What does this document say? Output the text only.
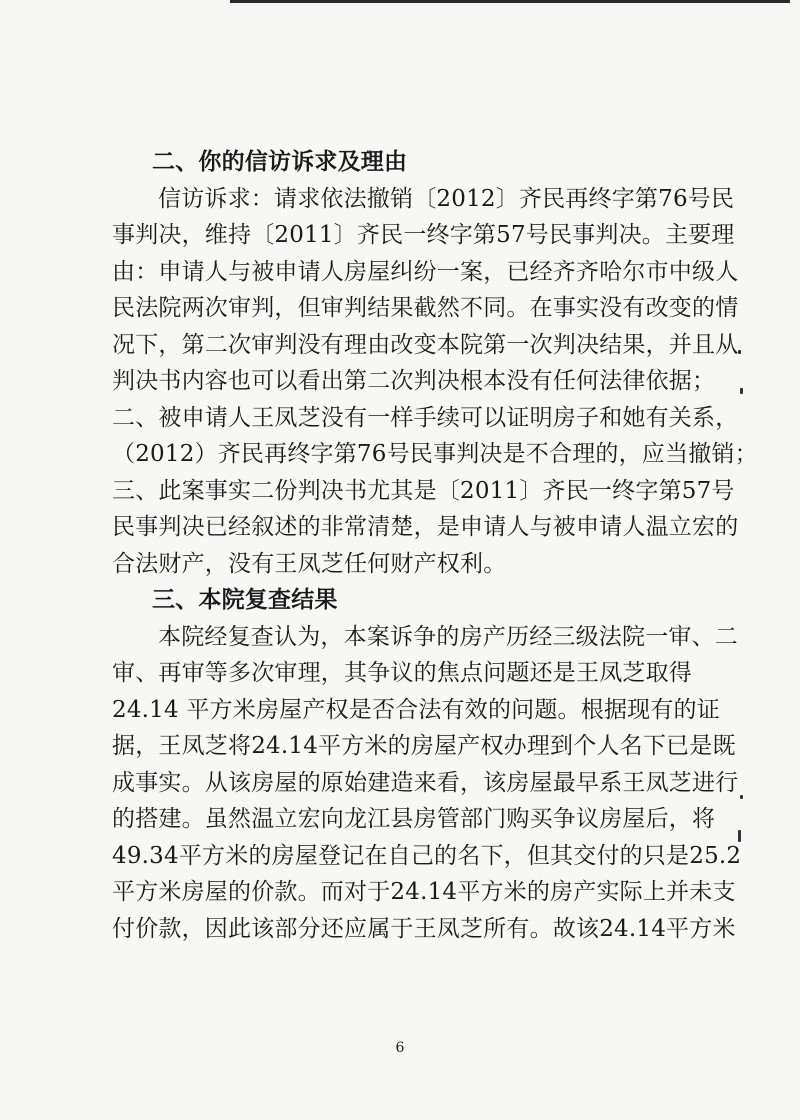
二、你的信访诉求及理由
信访诉求：请求依法撤销〔2012〕齐民再终字第76号民
事判决，维持〔2011〕齐民一终字第57号民事判决。主要理
由：申请人与被申请人房屋纠纷一案，已经齐齐哈尔市中级人
民法院两次审判，但审判结果截然不同。在事实没有改变的情
况下，第二次审判没有理由改变本院第一次判决结果，并且从
判决书内容也可以看出第二次判决根本没有任何法律依据；
二、被申请人王凤芝没有一样手续可以证明房子和她有关系，
（2012）齐民再终字第76号民事判决是不合理的，应当撤销；
三、此案事实二份判决书尤其是〔2011〕齐民一终字第57号
民事判决已经叙述的非常清楚，是申请人与被申请人温立宏的
合法财产，没有王凤芝任何财产权利。
三、本院复查结果
本院经复查认为，本案诉争的房产历经三级法院一审、二
审、再审等多次审理，其争议的焦点问题还是王凤芝取得
24.14 平方米房屋产权是否合法有效的问题。根据现有的证
据，王凤芝将24.14平方米的房屋产权办理到个人名下已是既
成事实。从该房屋的原始建造来看，该房屋最早系王凤芝进行
的搭建。虽然温立宏向龙江县房管部门购买争议房屋后，将
49.34平方米的房屋登记在自己的名下，但其交付的只是25.2
平方米房屋的价款。而对于24.14平方米的房产实际上并未支
付价款，因此该部分还应属于王凤芝所有。故该24.14平方米
6
